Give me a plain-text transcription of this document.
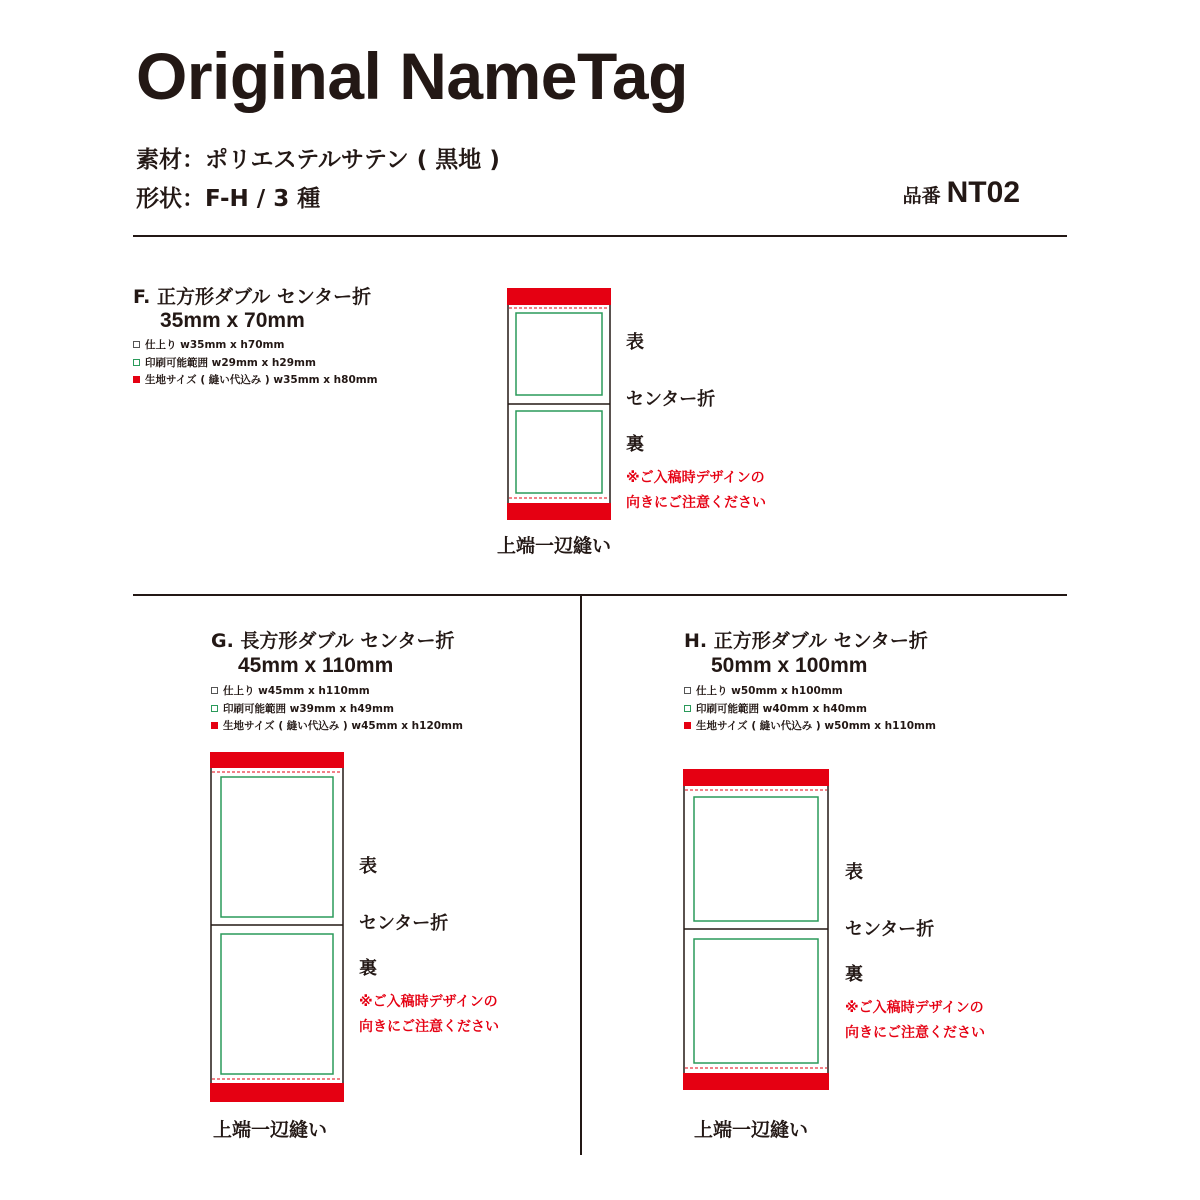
Original NameTag
素材：ポリエステルサテン ( 黒地 )
形状：F-H / 3 種	品番 NT02
F. 正方形ダブル センター折
35mm x 70mm
仕上り w35mm x h70mm
印刷可能範囲 w29mm x h29mm
生地サイズ ( 縫い代込み ) w35mm x h80mm
表
センター折
裏
※ご入稿時デザインの
向きにご注意ください
上端一辺縫い
G. 長方形ダブル センター折
45mm x 110mm
仕上り w45mm x h110mm
印刷可能範囲 w39mm x h49mm
生地サイズ ( 縫い代込み ) w45mm x h120mm
表
センター折
裏
※ご入稿時デザインの
向きにご注意ください
上端一辺縫い
H. 正方形ダブル センター折
50mm x 100mm
仕上り w50mm x h100mm
印刷可能範囲 w40mm x h40mm
生地サイズ ( 縫い代込み ) w50mm x h110mm
表
センター折
裏
※ご入稿時デザインの
向きにご注意ください
上端一辺縫い
